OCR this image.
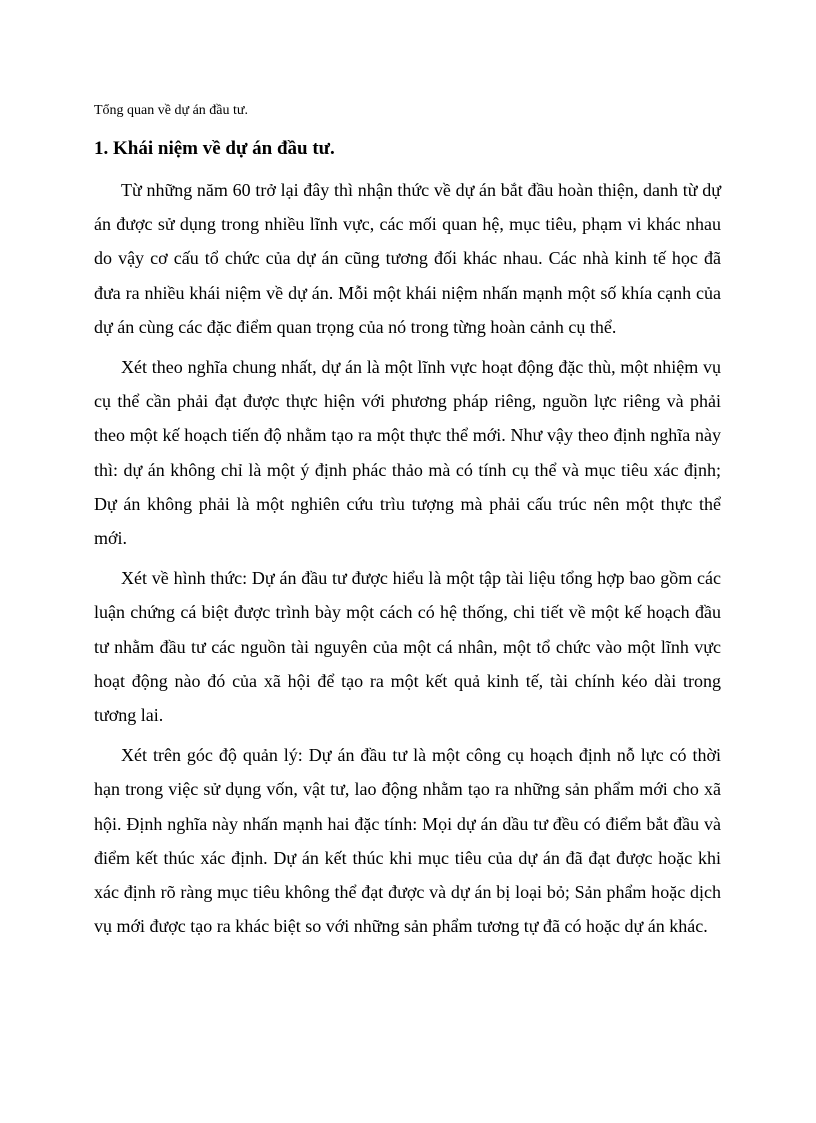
Tổng quan về dự án đầu tư.

1. Khái niệm về dự án đầu tư.

Từ những năm 60 trở lại đây thì nhận thức về dự án bắt đầu hoàn thiện, danh từ dự án được sử dụng trong nhiều lĩnh vực, các mối quan hệ, mục tiêu, phạm vi khác nhau do vậy cơ cấu tổ chức của dự án cũng tương đối khác nhau. Các nhà kinh tế học đã đưa ra nhiều khái niệm về dự án. Mỗi một khái niệm nhấn mạnh một số khía cạnh của dự án cùng các đặc điểm quan trọng của nó trong từng hoàn cảnh cụ thể.

Xét theo nghĩa chung nhất, dự án là một lĩnh vực hoạt động đặc thù, một nhiệm vụ cụ thể cần phải đạt được thực hiện với phương pháp riêng, nguồn lực riêng và phải theo một kế hoạch tiến độ nhằm tạo ra một thực thể mới. Như vậy theo định nghĩa này thì: dự án không chỉ là một ý định phác thảo mà có tính cụ thể và mục tiêu xác định; Dự án không phải là một nghiên cứu trìu tượng mà phải cấu trúc nên một thực thể mới.

Xét về hình thức: Dự án đầu tư được hiểu là một tập tài liệu tổng hợp bao gồm các luận chứng cá biệt được trình bày một cách có hệ thống, chi tiết về một kế hoạch đầu tư nhằm đầu tư các nguồn tài nguyên của một cá nhân, một tổ chức vào một lĩnh vực hoạt động nào đó của xã hội để tạo ra một kết quả kinh tế, tài chính kéo dài trong tương lai.

Xét trên góc độ quản lý: Dự án đầu tư là một công cụ hoạch định nỗ lực có thời hạn trong việc sử dụng vốn, vật tư, lao động nhằm tạo ra những sản phẩm mới cho xã hội. Định nghĩa này nhấn mạnh hai đặc tính: Mọi dự án dầu tư đều có điểm bắt đầu và điểm kết thúc xác định. Dự án kết thúc khi mục tiêu của dự án đã đạt được hoặc khi xác định rõ ràng mục tiêu không thể đạt được và dự án bị loại bỏ; Sản phẩm hoặc dịch vụ mới được tạo ra khác biệt so với những sản phẩm tương tự đã có hoặc dự án khác.
